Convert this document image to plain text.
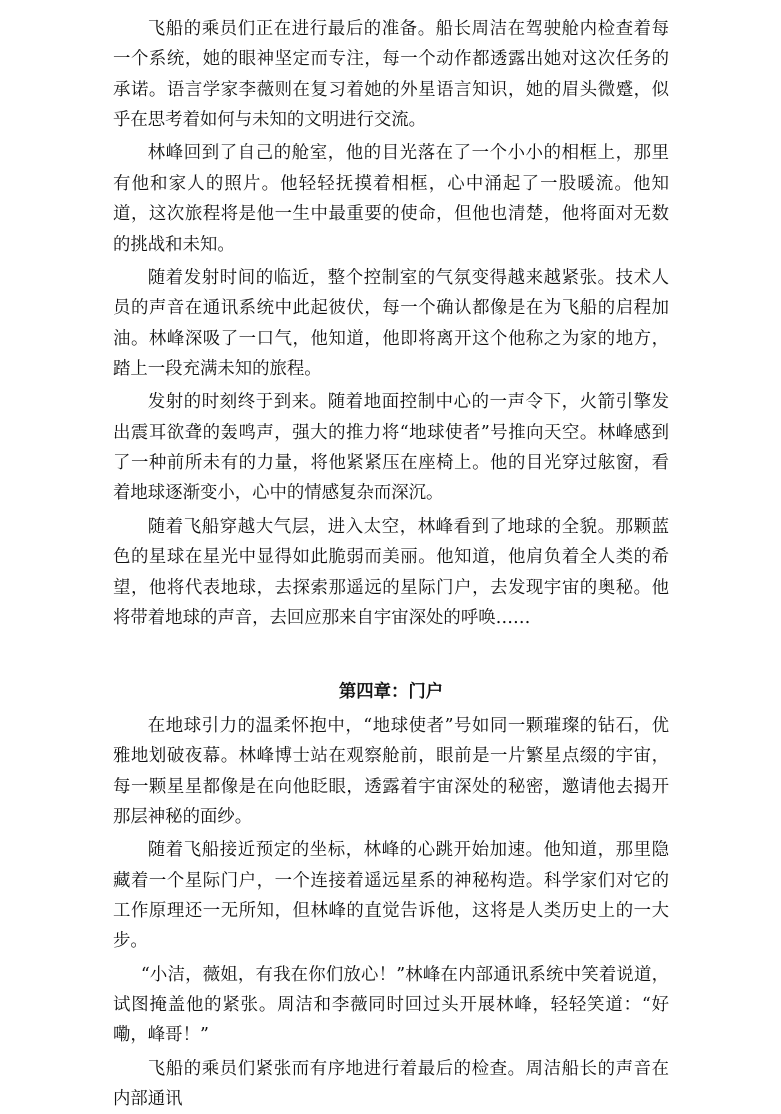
飞船的乘员们正在进行最后的准备。船长周洁在驾驶舱内检查着每一个系统，她的眼神坚定而专注，每一个动作都透露出她对这次任务的承诺。语言学家李薇则在复习着她的外星语言知识，她的眉头微蹙，似乎在思考着如何与未知的文明进行交流。

林峰回到了自己的舱室，他的目光落在了一个小小的相框上，那里有他和家人的照片。他轻轻抚摸着相框，心中涌起了一股暖流。他知道，这次旅程将是他一生中最重要的使命，但他也清楚，他将面对无数的挑战和未知。

随着发射时间的临近，整个控制室的气氛变得越来越紧张。技术人员的声音在通讯系统中此起彼伏，每一个确认都像是在为飞船的启程加油。林峰深吸了一口气，他知道，他即将离开这个他称之为家的地方，踏上一段充满未知的旅程。

发射的时刻终于到来。随着地面控制中心的一声令下，火箭引擎发出震耳欲聋的轰鸣声，强大的推力将“地球使者”号推向天空。林峰感到了一种前所未有的力量，将他紧紧压在座椅上。他的目光穿过舷窗，看着地球逐渐变小，心中的情感复杂而深沉。

随着飞船穿越大气层，进入太空，林峰看到了地球的全貌。那颗蓝色的星球在星光中显得如此脆弱而美丽。他知道，他肩负着全人类的希望，他将代表地球，去探索那遥远的星际门户，去发现宇宙的奥秘。他将带着地球的声音，去回应那来自宇宙深处的呼唤……

第四章：门户

在地球引力的温柔怀抱中，“地球使者”号如同一颗璀璨的钻石，优雅地划破夜幕。林峰博士站在观察舱前，眼前是一片繁星点缀的宇宙，每一颗星星都像是在向他眨眼，透露着宇宙深处的秘密，邀请他去揭开那层神秘的面纱。

随着飞船接近预定的坐标，林峰的心跳开始加速。他知道，那里隐藏着一个星际门户，一个连接着遥远星系的神秘构造。科学家们对它的工作原理还一无所知，但林峰的直觉告诉他，这将是人类历史上的一大步。

“小洁，薇姐，有我在你们放心！”林峰在内部通讯系统中笑着说道，试图掩盖他的紧张。周洁和李薇同时回过头开展林峰，轻轻笑道：“好嘞，峰哥！”

飞船的乘员们紧张而有序地进行着最后的检查。周洁船长的声音在内部通讯
